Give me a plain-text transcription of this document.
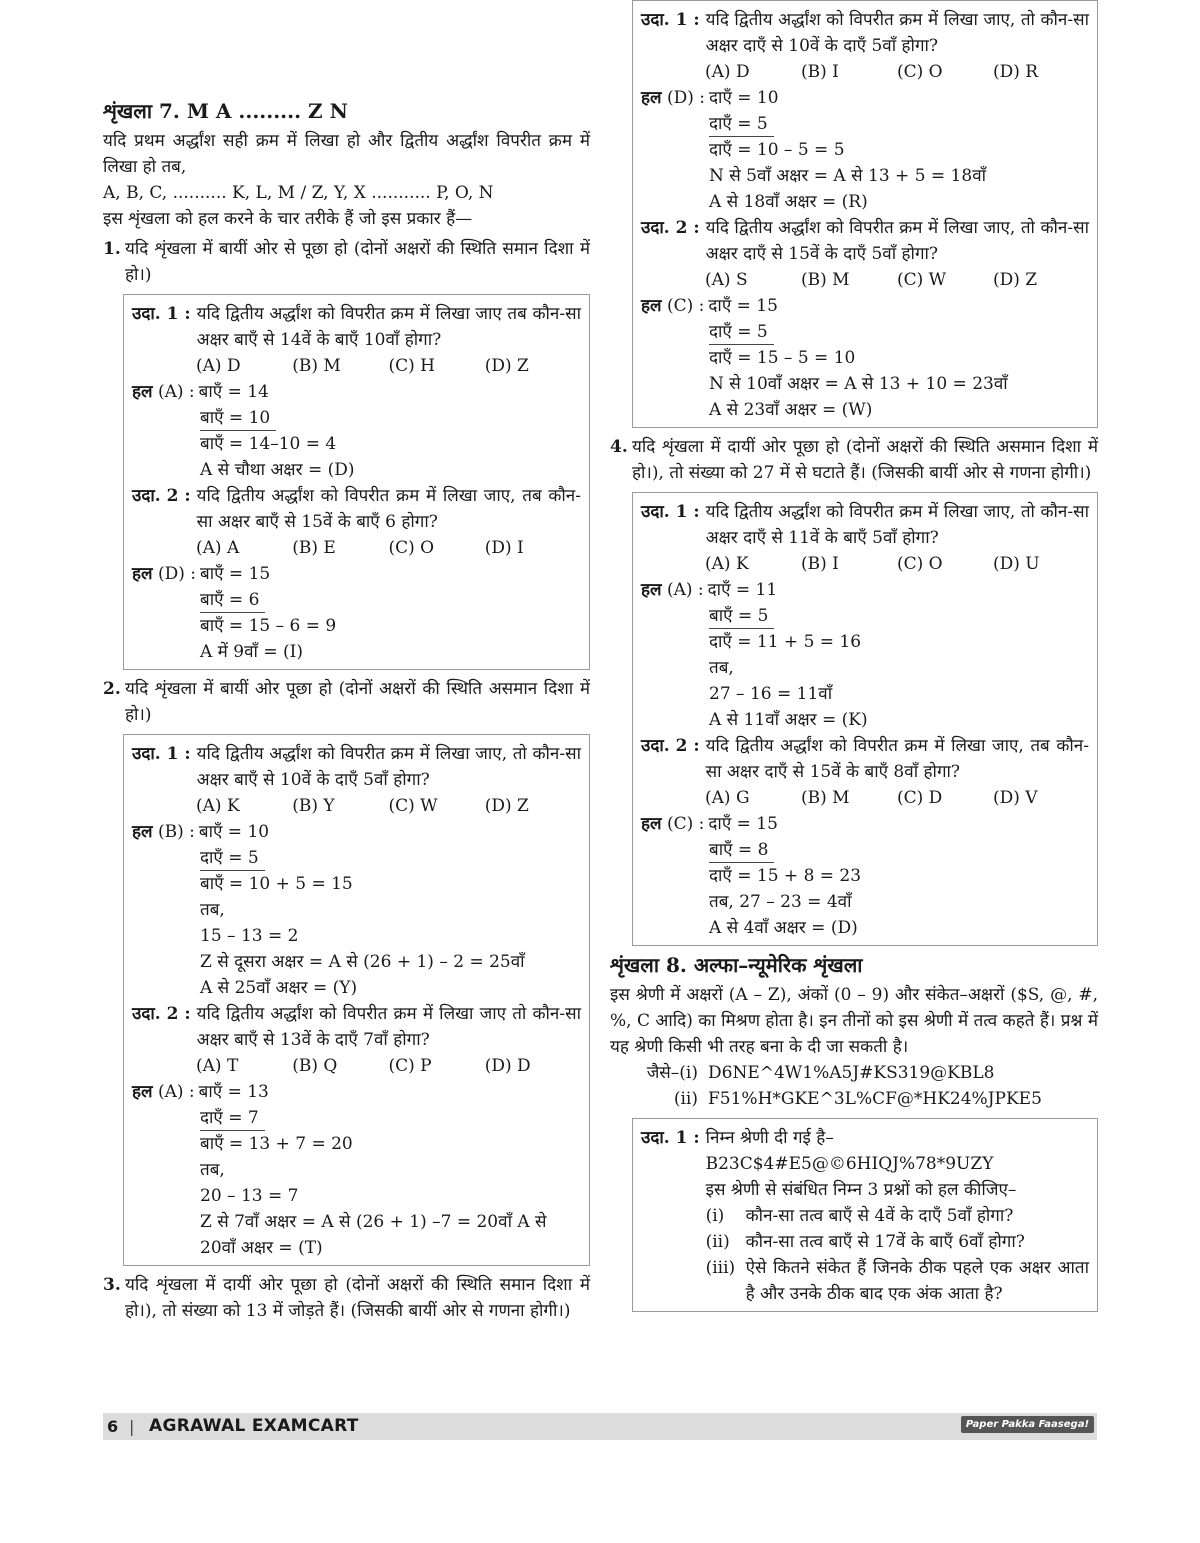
शृंखला 7. M A ......... Z N
यदि प्रथम अर्द्धांश सही क्रम में लिखा हो और द्वितीय अर्द्धांश विपरीत क्रम में लिखा हो तब,
A, B, C, .......... K, L, M / Z, Y, X ........... P, O, N
इस शृंखला को हल करने के चार तरीके हैं जो इस प्रकार हैं—
1. यदि शृंखला में बायीं ओर से पूछा हो (दोनों अक्षरों की स्थिति समान दिशा में हो।)
उदा. 1 : यदि द्वितीय अर्द्धांश को विपरीत क्रम में लिखा जाए तब कौन-सा अक्षर बाएँ से 14वें के बाएँ 10वाँ होगा?
(A) D	(B) M	(C) H	(D) Z
हल (A) : बाएँ = 14
बाएँ = 10
बाएँ = 14–10 = 4
A से चौथा अक्षर = (D)
उदा. 2 : यदि द्वितीय अर्द्धांश को विपरीत क्रम में लिखा जाए, तब कौन-सा अक्षर बाएँ से 15वें के बाएँ 6 होगा?
(A) A	(B) E	(C) O	(D) I
हल (D) : बाएँ = 15
बाएँ = 6
बाएँ = 15 – 6 = 9
A में 9वाँ = (I)
2. यदि शृंखला में बायीं ओर पूछा हो (दोनों अक्षरों की स्थिति असमान दिशा में हो।)
उदा. 1 : यदि द्वितीय अर्द्धांश को विपरीत क्रम में लिखा जाए, तो कौन-सा अक्षर बाएँ से 10वें के दाएँ 5वाँ होगा?
(A) K	(B) Y	(C) W	(D) Z
हल (B) : बाएँ = 10
दाएँ = 5
बाएँ = 10 + 5 = 15
तब,
15 – 13 = 2
Z से दूसरा अक्षर = A से (26 + 1) – 2 = 25वाँ
A से 25वाँ अक्षर = (Y)
उदा. 2 : यदि द्वितीय अर्द्धांश को विपरीत क्रम में लिखा जाए तो कौन-सा अक्षर बाएँ से 13वें के दाएँ 7वाँ होगा?
(A) T	(B) Q	(C) P	(D) D
हल (A) : बाएँ = 13
दाएँ = 7
बाएँ = 13 + 7 = 20
तब,
20 – 13 = 7
Z से 7वाँ अक्षर = A से (26 + 1) –7 = 20वाँ A से 20वाँ अक्षर = (T)
3. यदि शृंखला में दायीं ओर पूछा हो (दोनों अक्षरों की स्थिति समान दिशा में हो।), तो संख्या को 13 में जोड़ते हैं। (जिसकी बायीं ओर से गणना होगी।)
उदा. 1 : यदि द्वितीय अर्द्धांश को विपरीत क्रम में लिखा जाए, तो कौन-सा अक्षर दाएँ से 10वें के दाएँ 5वाँ होगा?
(A) D	(B) I	(C) O	(D) R
हल (D) : दाएँ = 10
दाएँ = 5
दाएँ = 10 – 5 = 5
N से 5वाँ अक्षर = A से 13 + 5 = 18वाँ
A से 18वाँ अक्षर = (R)
उदा. 2 : यदि द्वितीय अर्द्धांश को विपरीत क्रम में लिखा जाए, तो कौन-सा अक्षर दाएँ से 15वें के दाएँ 5वाँ होगा?
(A) S	(B) M	(C) W	(D) Z
हल (C) : दाएँ = 15
दाएँ = 5
दाएँ = 15 – 5 = 10
N से 10वाँ अक्षर = A से 13 + 10 = 23वाँ
A से 23वाँ अक्षर = (W)
4. यदि शृंखला में दायीं ओर पूछा हो (दोनों अक्षरों की स्थिति असमान दिशा में हो।), तो संख्या को 27 में से घटाते हैं। (जिसकी बायीं ओर से गणना होगी।)
उदा. 1 : यदि द्वितीय अर्द्धांश को विपरीत क्रम में लिखा जाए, तो कौन-सा अक्षर दाएँ से 11वें के बाएँ 5वाँ होगा?
(A) K	(B) I	(C) O	(D) U
हल (A) : दाएँ = 11
बाएँ = 5
दाएँ = 11 + 5 = 16
तब,
27 – 16 = 11वाँ
A से 11वाँ अक्षर = (K)
उदा. 2 : यदि द्वितीय अर्द्धांश को विपरीत क्रम में लिखा जाए, तब कौन-सा अक्षर दाएँ से 15वें के बाएँ 8वाँ होगा?
(A) G	(B) M	(C) D	(D) V
हल (C) : दाएँ = 15
बाएँ = 8
दाएँ = 15 + 8 = 23
तब, 27 – 23 = 4वाँ
A से 4वाँ अक्षर = (D)
शृंखला 8. अल्फा–न्यूमेरिक शृंखला
इस श्रेणी में अक्षरों (A – Z), अंकों (0 – 9) और संकेत–अक्षरों ($S, @, #, %, C आदि) का मिश्रण होता है। इन तीनों को इस श्रेणी में तत्व कहते हैं। प्रश्न में यह श्रेणी किसी भी तरह बना के दी जा सकती है।
जैसे–(i) D6NE^4W1%A5J#KS319@KBL8
(ii) F51%H*GKE^3L%CF@*HK24%JPKE5
उदा. 1 : निम्न श्रेणी दी गई है–
B23C$4#E5@©6HIQJ%78*9UZY
इस श्रेणी से संबंधित निम्न 3 प्रश्नों को हल कीजिए–
(i)	कौन-सा तत्व बाएँ से 4वें के दाएँ 5वाँ होगा?
(ii) कौन-सा तत्व बाएँ से 17वें के बाएँ 6वाँ होगा?
(iii) ऐसे कितने संकेत हैं जिनके ठीक पहले एक अक्षर आता है और उनके ठीक बाद एक अंक आता है?
6 | AGRAWAL EXAMCART	Paper Pakka Faasega!
